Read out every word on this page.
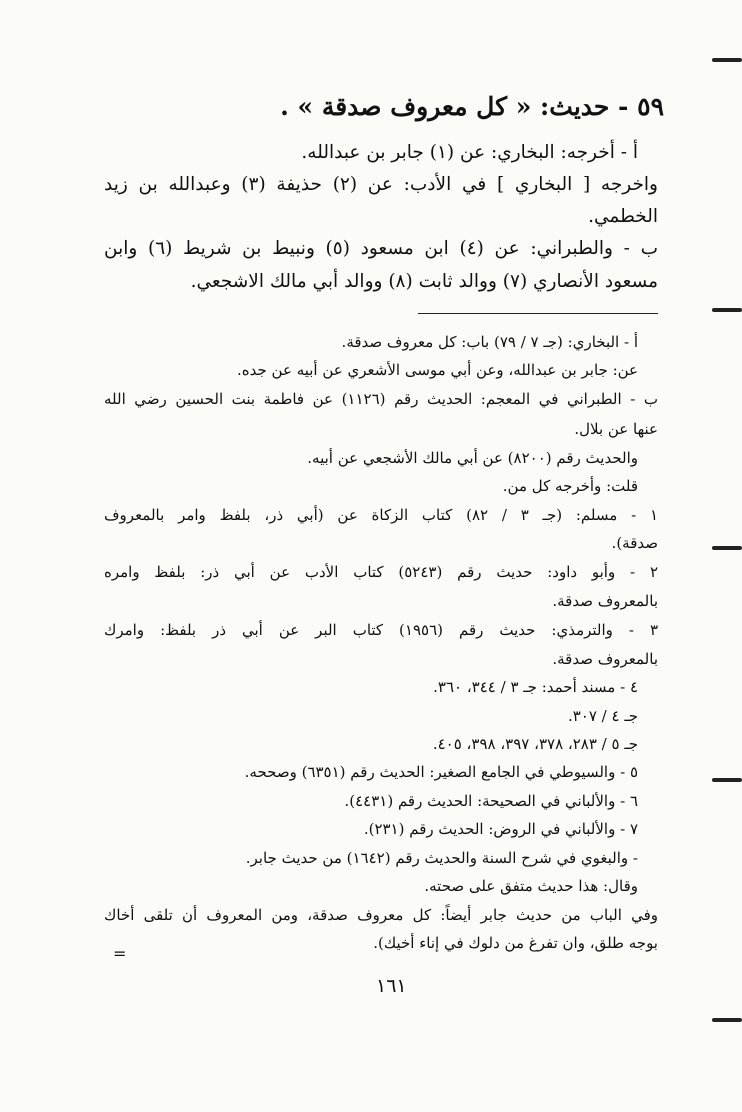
٥٩ - حديث: « كل معروف صدقة » .
أ - أخرجه: البخاري: عن (١) جابر بن عبدالله.
واخرجه [ البخاري ] في الأدب: عن (٢) حذيفة (٣) وعبدالله بن زيد
الخطمي.
ب - والطبراني: عن (٤) ابن مسعود (٥) ونبيط بن شريط (٦) وابن
مسعود الأنصاري (٧) ووالد ثابت (٨) ووالد أبي مالك الاشجعي.
أ - البخاري: (جـ ٧ / ٧٩) باب: كل معروف صدقة.
عن: جابر بن عبدالله، وعن أبي موسى الأشعري عن أبيه عن جده.
ب - الطبراني في المعجم: الحديث رقم (١١٢٦) عن فاطمة بنت الحسين رضي الله
عنها عن بلال.
والحديث رقم (٨٢٠٠) عن أبي مالك الأشجعي عن أبيه.
قلت: وأخرجه كل من.
١ - مسلم: (جـ ٣ / ٨٢) كتاب الزكاة عن (أبي ذر، بلفظ وامر بالمعروف
صدقة).
٢ - وأبو داود: حديث رقم (٥٢٤٣) كتاب الأدب عن أبي ذر: بلفظ وامره
بالمعروف صدقة.
٣ - والترمذي: حديث رقم (١٩٥٦) كتاب البر عن أبي ذر بلفظ: وامرك
بالمعروف صدقة.
٤ - مسند أحمد: جـ ٣ / ٣٤٤، ٣٦٠.
جـ ٤ / ٣٠٧.
جـ ٥ / ٢٨٣، ٣٧٨، ٣٩٧، ٣٩٨، ٤٠٥.
٥ - والسيوطي في الجامع الصغير: الحديث رقم (٦٣٥١) وصححه.
٦ - والألباني في الصحيحة: الحديث رقم (٤٤٣١).
٧ - والألباني في الروض: الحديث رقم (٢٣١).
- والبغوي في شرح السنة والحديث رقم (١٦٤٢) من حديث جابر.
وقال: هذا حديث متفق على صحته.
وفي الباب من حديث جابر أيضاً: كل معروف صدقة، ومن المعروف أن تلقى أخاك
بوجه طلق، وان تفرغ من دلوك في إناء أخيك).
=
١٦١
